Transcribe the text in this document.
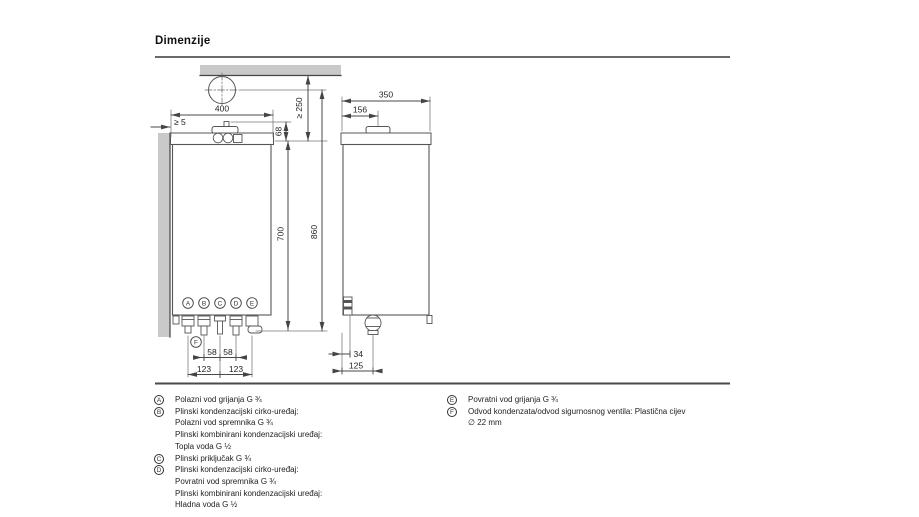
Dimenzije
A B C D E
F
400
≥ 5
68
≥ 250
700	860
58 58
123 123
350
156
34
125
A	Polazni vod grijanja G ¾
B	Plinski kondenzacijski cirko-uređaj:
Polazni vod spremnika G ¾
Plinski kombinirani kondenzacijski uređaj:
Topla voda G ½
C	Plinski priključak G ¾
D	Plinski kondenzacijski cirko-uređaj:
Povratni vod spremnika G ¾
Plinski kombinirani kondenzacijski uređaj:
Hladna voda G ½
E	Povratni vod grijanja G ¾
F	Odvod kondenzata/odvod sigurnosnog ventila: Plastična cijev
∅ 22 mm
